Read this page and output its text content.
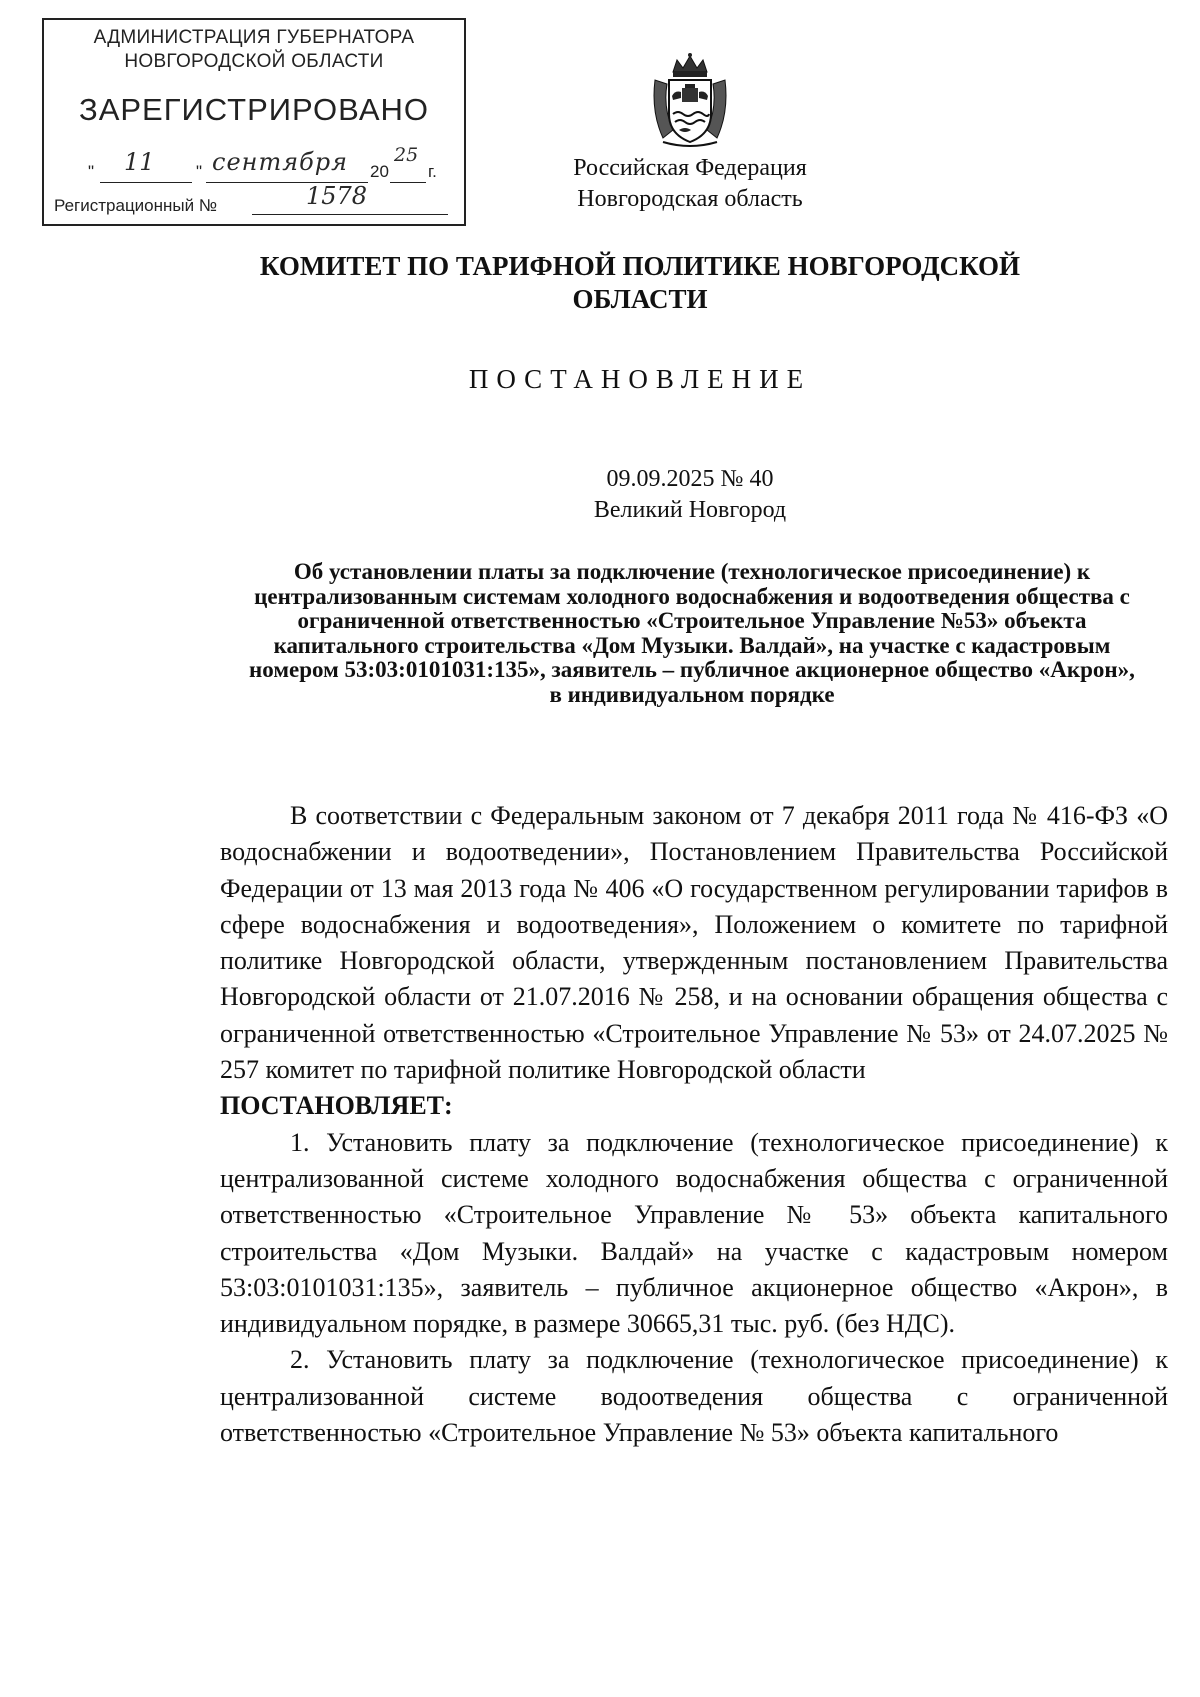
АДМИНИСТРАЦИЯ ГУБЕРНАТОРА
НОВГОРОДСКОЙ ОБЛАСТИ
ЗАРЕГИСТРИРОВАНО
" 11 " сентября 20
25
г.
Регистрационный №	1578
Российская Федерация
Новгородская область
КОМИТЕТ ПО ТАРИФНОЙ ПОЛИТИКЕ НОВГОРОДСКОЙ ОБЛАСТИ
ПОСТАНОВЛЕНИЕ
09.09.2025 № 40
Великий Новгород
Об установлении платы за подключение (технологическое присоединение) к централизованным системам холодного водоснабжения и водоотведения общества с ограниченной ответственностью «Строительное Управление №53» объекта капитального строительства «Дом Музыки. Валдай», на участке с кадастровым номером 53:03:0101031:135», заявитель – публичное акционерное общество «Акрон», в индивидуальном порядке

В соответствии с Федеральным законом от 7 декабря 2011 года № 416-ФЗ «О водоснабжении и водоотведении», Постановлением Правительства Российской Федерации от 13 мая 2013 года № 406 «О государственном регулировании тарифов в сфере водоснабжения и водоотведения», Положением о комитете по тарифной политике Новгородской области, утвержденным постановлением Правительства Новгородской области от 21.07.2016 № 258, и на основании обращения общества с ограниченной ответственностью «Строительное Управление № 53» от 24.07.2025 № 257 комитет по тарифной политике Новгородской области

ПОСТАНОВЛЯЕТ:

1. Установить плату за подключение (технологическое присоединение) к централизованной системе холодного водоснабжения общества с ограниченной ответственностью «Строительное Управление № 53» объекта капитального строительства «Дом Музыки. Валдай» на участке с кадастровым номером 53:03:0101031:135», заявитель – публичное акционерное общество «Акрон», в индивидуальном порядке, в размере 30665,31 тыс. руб. (без НДС).

2. Установить плату за подключение (технологическое присоединение) к централизованной системе водоотведения общества с ограниченной ответственностью «Строительное Управление № 53» объекта капитального
